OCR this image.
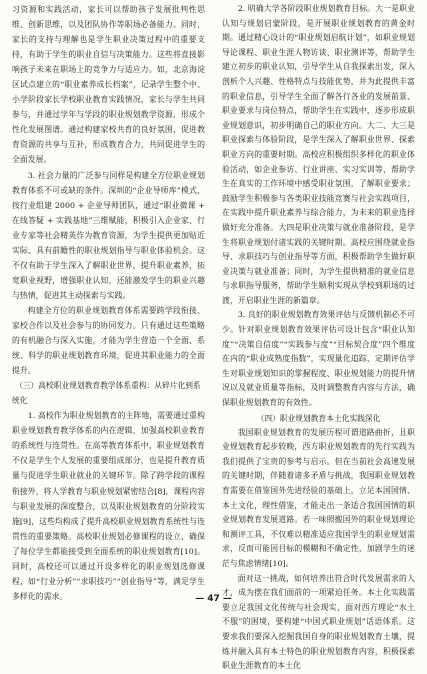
习资源和实践活动，家长可以帮助孩子发展批判性思维、创新思维，以及团队协作等职场必备能力。同时，家长的支持与理解也是学生职业决策过程中的重要支持，有助于学生的职业自信与决策能力。这些将直接影响孩子未来在职场上的竞争力与适应力。如，北京海淀区试点建立的“职业素养成长档案”，记录学生整个中、小学阶段家长学校职业教育实践情况，家长与学生共同参与，并通过学年与学段的职业规划教学资源，形成个性化发展图谱。通过构建家校共育的良好氛围，促进教育资源的共享与互补，形成教育合力，共同促进学生的全面发展。

3. 社会力量的广泛参与同样是构建全方位职业规划教育体系不可或缺的条件。深圳的“企业导师库”模式，按行业组建 2000 + 企业导师团队，通过“职业微课 + 在线答疑 + 实践基地”三维赋能，积极引入企业家、行业专家等社会精英作为教育资源，为学生提供更加贴近实际、具有前瞻性的职业规划指导与职业体验机会。这不仅有助于学生深入了解职业世界，提升职业素养，拓宽职业视野，增强职业认知，还能激发学生的职业兴趣与热情，促进其主动探索与实践。

构建全方位的职业规划教育体系需要跨学段衔接、家校合作以及社会参与的协同发力。只有通过这些策略的有机融合与深入实施，才能为学生营造一个全面、系统、科学的职业规划教育环境，促进其职业能力的全面提升。

（三）高校职业规划教育教学体系重构：从碎片化到系统化

1. 高校作为职业规划教育的主阵地，需要通过重构职业规划教育教学体系的内在逻辑，加强高校职业教育的系统性与连贯性。在高等教育体系中，职业规划教育不仅是学生个人发展的重要组成部分，也是提升教育质量与促进学生职业就业的关键环节。除了跨学段的课程衔接外，将人学教育与职业规划紧密结合[8]，课程内容与职业发展的深度整合，以及职业规划教育的分阶段实施[9]，这些均构成了提升高校职业规划教育系统性与连贯性的重要策略。高校职业规划必修课程的设立，确保了每位学生都能接受到全面系统的职业规划教育[10]。同时，高校还可以通过开设多样化的职业规划选修课程，如“行业分析”“求职技巧”“创业指导”等，满足学生多样化的需求。

2. 明确大学各阶段职业规划教育目标。大一是职业认知与规划启蒙阶段，是开展职业规划教育的黄金时期。通过精心设计的“职业规划启航计划”，如职业规划导论课程、职业生涯人物访谈、职业测评等，帮助学生建立初步的职业认知，引导学生从自我探索出发，深入剖析个人兴趣、性格特点与技能优势，并为此提供丰富的职业信息，引导学生全面了解各行各业的发展前景、职业要求与岗位特点，帮助学生在实践中，逐步形成职业规划意识，初步明确自己的职业方向。大二、大三是职业探索与体验阶段，是学生深入了解职业世界、探索职业方向的重要时期。高校应积极组织多样化的职业体验活动，如企业参访、行业讲座、实习实训等，帮助学生在真实的工作环境中感受职业氛围，了解职业要求；鼓励学生积极参与各类职业技能竞赛与社会实践项目，在实践中提升职业素养与综合能力，为未来的职业选择做好充分准备。大四是职业决策与就业准备阶段，是学生将职业规划付诸实践的关键时期。高校应围绕就业指导、求职技巧与创业指导等方面，积极帮助学生做好职业决策与就业准备；同时，为学生提供精准的就业信息与求职指导服务，帮助学生顺利实现从学校到职场的过渡，开启职业生涯的新篇章。

3. 良好的职业规划教育效果评估与反馈机制必不可少。针对职业规划教育效果评估可设计包含“职业认知度”“决策自信度”“实践参与度”“目标契合度”四个维度在内的“职业成熟度指数”，实现量化追踪，定期评估学生对职业规划知识的掌握程度、职业规划能力的提升情况以及就业质量等指标，及时调整教育内容与方法，确保职业规划教育的有效性。

（四）职业规划教育本土化实践深化

我国职业规划教育的发展历程可谓道路曲折，且职业规划教育起步较晚，西方职业规划教育的先行实践为我们提供了宝贵的参考与启示。但在当前社会高速发展的关键时期，伴随着诸多矛盾与挑战，我国职业规划教育需要在借鉴国外先进经验的基础上，立足本国国情、本土文化，理性借鉴，才能走出一条适合我国国情的职业规划教育发展道路。若一味照搬国外的职业规划理论和测评工具，不仅难以精准适应我国学生的职业规划需求，反而可能因目标的模糊和不确定性，加剧学生的迷茫与焦虑情绪[10]。

面对这一挑战，如何培养出符合时代发展需求的人才，成为摆在我们面前的一项紧迫任务。本土化实践需要立足我国文化传统与社会现实，面对西方理论“水土不服”的困境，要构建“中国式职业规划”话语体系。这要求我们要深入挖掘我国自身的职业规划教育土壤，提炼并融入具有本土特色的职业规划教育内容，积极探索职业生涯教育的本土化

— 47 —
